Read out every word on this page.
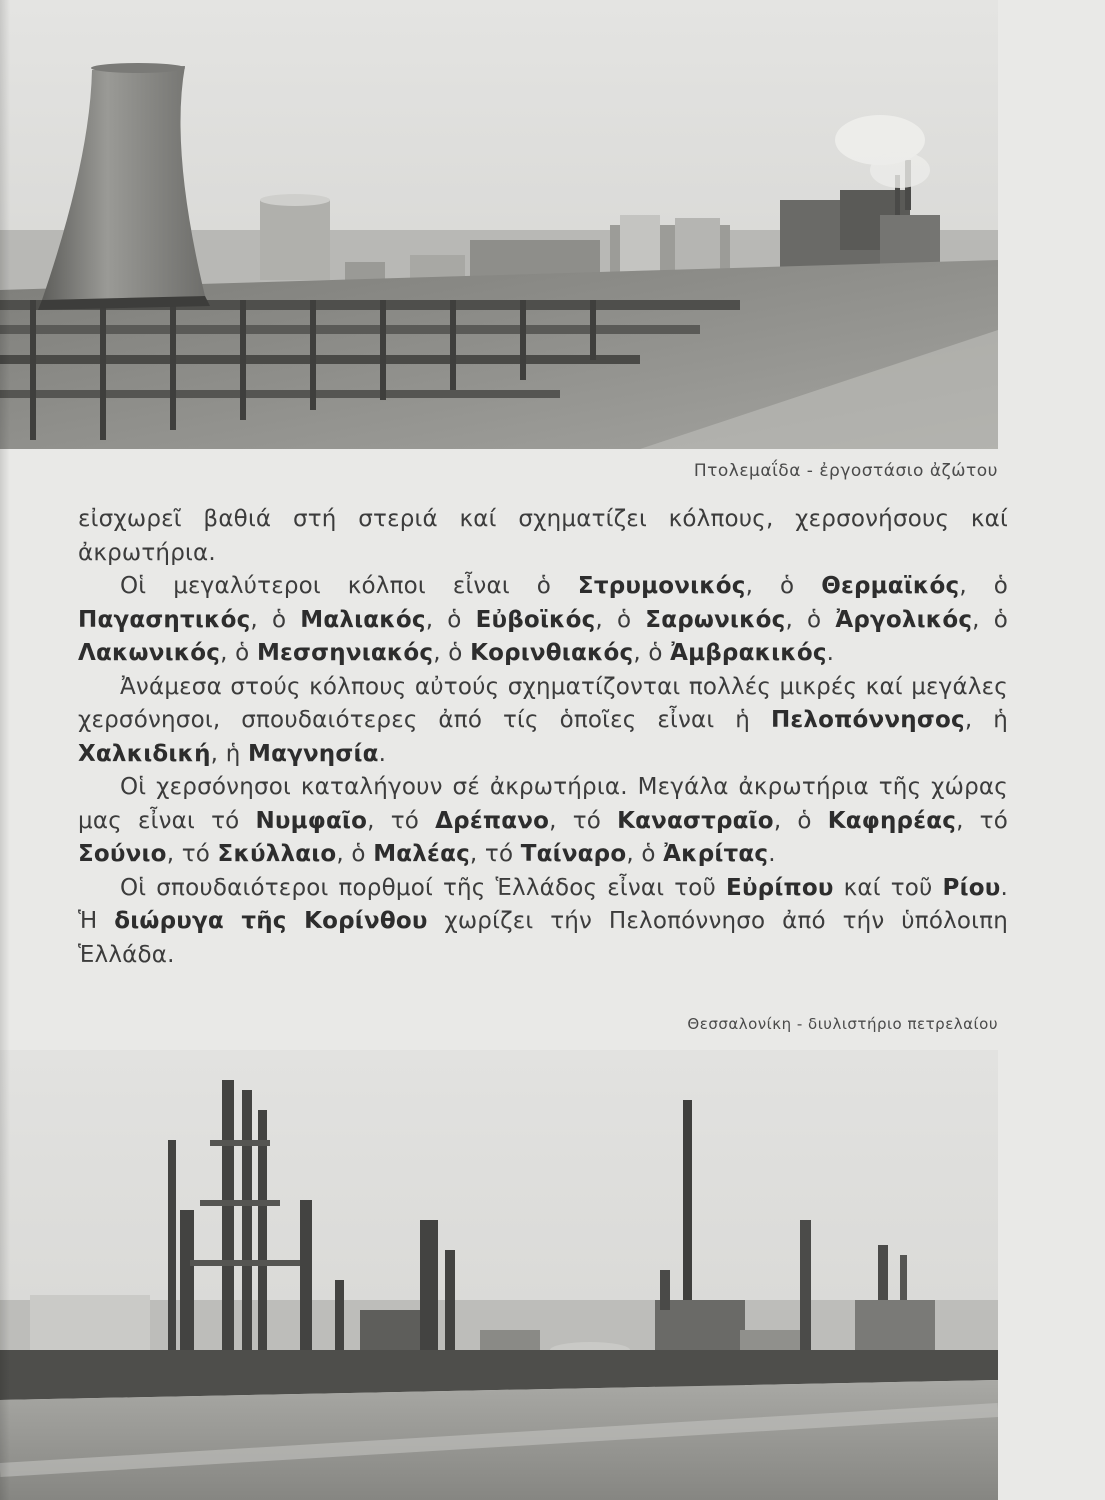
Πτολεμαΐδα - ἐργοστάσιο ἀζώτου

εἰσχωρεῖ βαθιά στή στεριά καί σχηματίζει κόλπους, χερσονήσους καί ἀκρωτήρια.

Οἱ μεγαλύτεροι κόλποι εἶναι ὁ Στρυμονικός, ὁ Θερμαϊκός, ὁ Παγασητικός, ὁ Μαλιακός, ὁ Εὐβοϊκός, ὁ Σαρωνικός, ὁ Ἀργολικός, ὁ Λακωνικός, ὁ Μεσσηνιακός, ὁ Κορινθιακός, ὁ Ἀμβρακικός.

Ἀνάμεσα στούς κόλπους αὐτούς σχηματίζονται πολλές μικρές καί μεγάλες χερσόνησοι, σπουδαιότερες ἀπό τίς ὁποῖες εἶναι ἡ Πελοπόννησος, ἡ Χαλκιδική, ἡ Μαγνησία.

Οἱ χερσόνησοι καταλήγουν σέ ἀκρωτήρια. Μεγάλα ἀκρωτήρια τῆς χώρας μας εἶναι τό Νυμφαῖο, τό Δρέπανο, τό Καναστραῖο, ὁ Καφηρέας, τό Σούνιο, τό Σκύλλαιο, ὁ Μαλέας, τό Ταίναρο, ὁ Ἀκρίτας.

Οἱ σπουδαιότεροι πορθμοί τῆς Ἑλλάδος εἶναι τοῦ Εὐρίπου καί τοῦ Ρίου. Ἡ διώρυγα τῆς Κορίνθου χωρίζει τήν Πελοπόννησο ἀπό τήν ὑπόλοιπη Ἑλλάδα.

Θεσσαλονίκη - διυλιστήριο πετρελαίου
